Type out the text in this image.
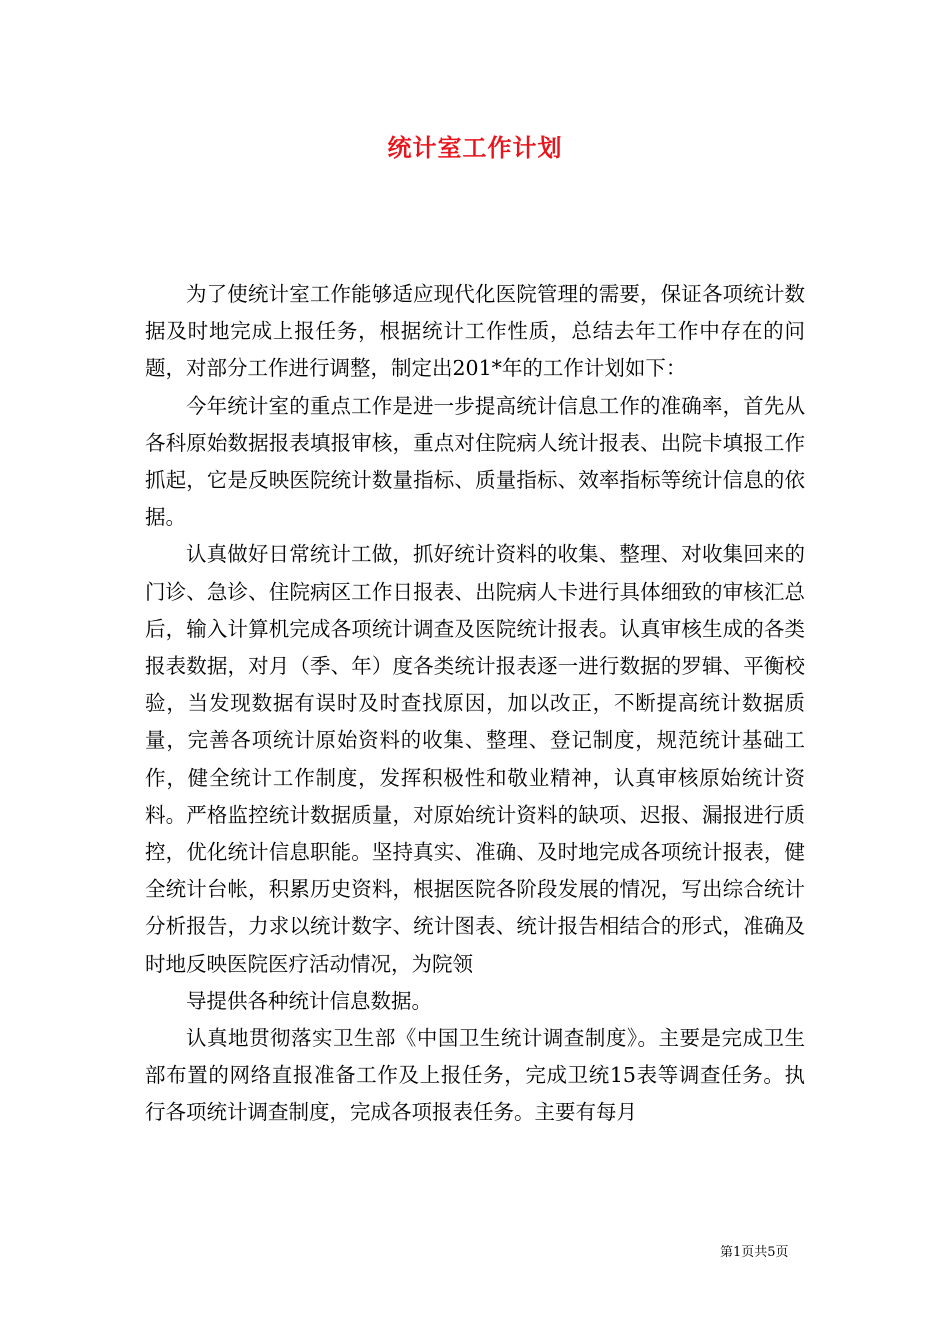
统计室工作计划

为了使统计室工作能够适应现代化医院管理的需要，保证各项统计数据及时地完成上报任务，根据统计工作性质，总结去年工作中存在的问题，对部分工作进行调整，制定出201*年的工作计划如下：

今年统计室的重点工作是进一步提高统计信息工作的准确率，首先从各科原始数据报表填报审核，重点对住院病人统计报表、出院卡填报工作抓起，它是反映医院统计数量指标、质量指标、效率指标等统计信息的依据。

认真做好日常统计工做，抓好统计资料的收集、整理、对收集回来的门诊、急诊、住院病区工作日报表、出院病人卡进行具体细致的审核汇总后，输入计算机完成各项统计调查及医院统计报表。认真审核生成的各类报表数据，对月（季、年）度各类统计报表逐一进行数据的罗辑、平衡校验，当发现数据有误时及时查找原因，加以改正，不断提高统计数据质量，完善各项统计原始资料的收集、整理、登记制度，规范统计基础工作，健全统计工作制度，发挥积极性和敬业精神，认真审核原始统计资料。严格监控统计数据质量，对原始统计资料的缺项、迟报、漏报进行质控，优化统计信息职能。坚持真实、准确、及时地完成各项统计报表，健全统计台帐，积累历史资料，根据医院各阶段发展的情况，写出综合统计分析报告，力求以统计数字、统计图表、统计报告相结合的形式，准确及时地反映医院医疗活动情况，为院领

导提供各种统计信息数据。

认真地贯彻落实卫生部《中国卫生统计调查制度》。主要是完成卫生部布置的网络直报准备工作及上报任务，完成卫统15表等调查任务。执行各项统计调查制度，完成各项报表任务。主要有每月

第1页共5页
